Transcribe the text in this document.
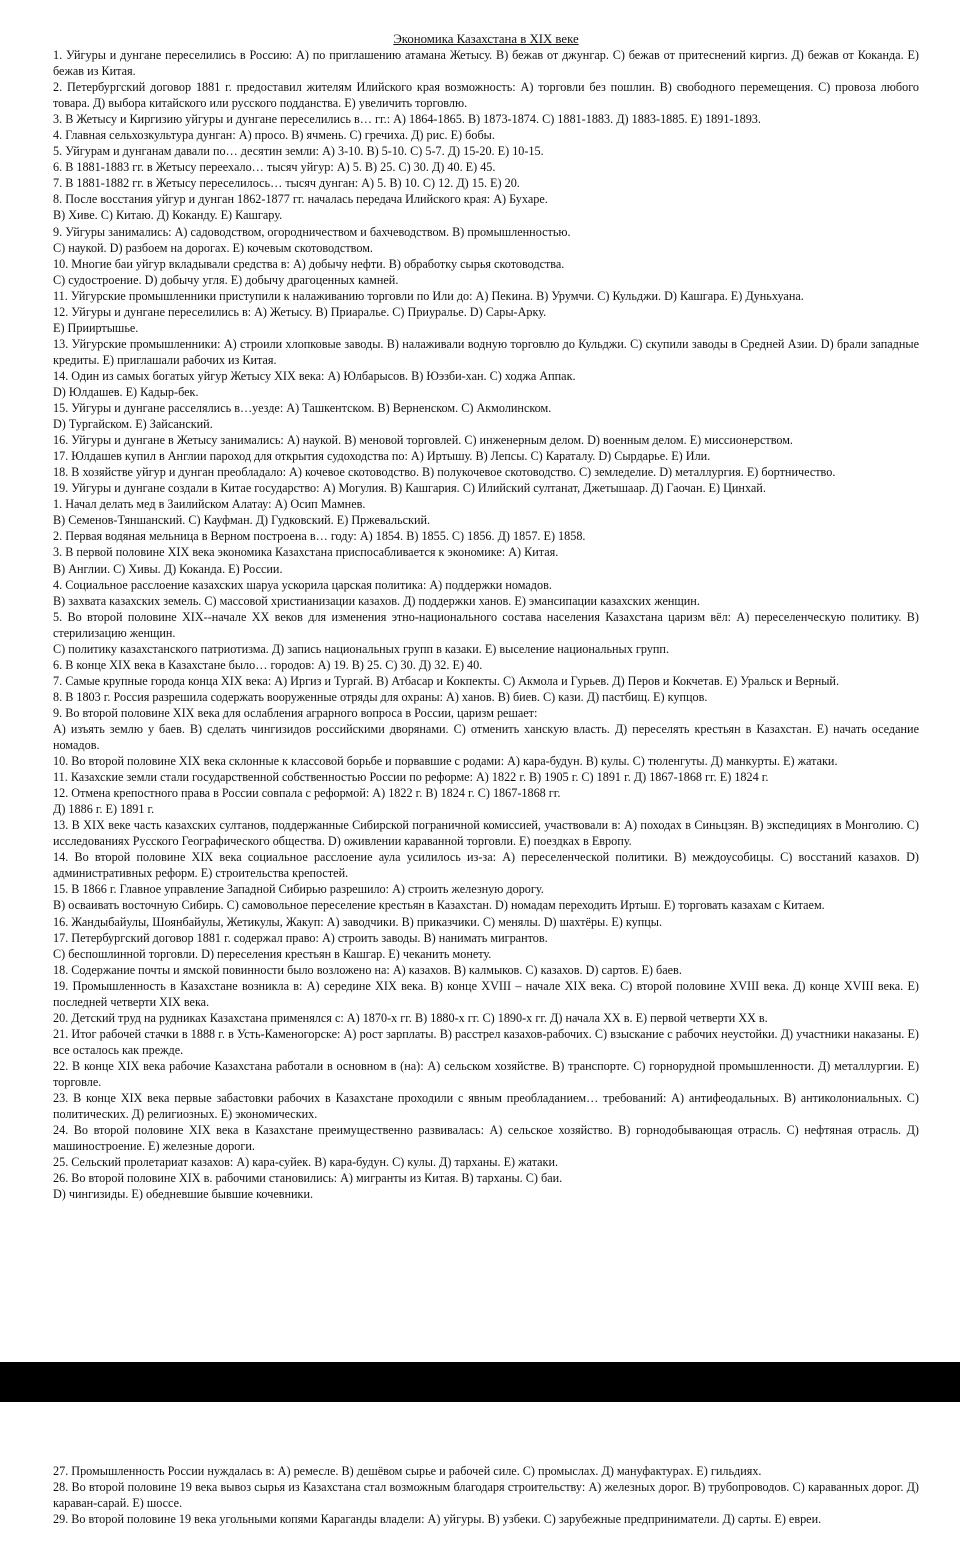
Экономика Казахстана в XIX веке

1. Уйгуры и дунгане переселились в Россию: А) по приглашению атамана Жетысу. В) бежав от джунгар. С) бежав от притеснений киргиз. Д) бежав от Коканда. Е) бежав из Китая.

2. Петербургский договор 1881 г. предоставил жителям Илийского края возможность: А) торговли без пошлин. В) свободного перемещения. С) провоза любого товара. Д) выбора китайского или русского подданства. Е) увеличить торговлю.

3. В Жетысу и Киргизию уйгуры и дунгане переселились в… гг.: А) 1864-1865. В) 1873-1874. С) 1881-1883. Д) 1883-1885. Е) 1891-1893.

4. Главная сельхозкультура дунган: А) просо. В) ячмень. С) гречиха. Д) рис. Е) бобы.

5. Уйгурам и дунганам давали по… десятин земли: А) 3-10. В) 5-10. С) 5-7. Д) 15-20. Е) 10-15.

6. В 1881-1883 гг. в Жетысу переехало… тысяч уйгур: А) 5. В) 25. С) 30. Д) 40. Е) 45.

7. В 1881-1882 гг. в Жетысу переселилось… тысяч дунган: А) 5. В) 10. С) 12. Д) 15. Е) 20.

8. После восстания уйгур и дунган 1862-1877 гг. началась передача Илийского края: А) Бухаре.

В) Хиве. С) Китаю. Д) Коканду. Е) Кашгару.

9. Уйгуры занимались: А) садоводством, огородничеством и бахчеводством. В) промышленностью.

C) наукой. D) разбоем на дорогах. E) кочевым скотоводством.

10. Многие баи уйгур вкладывали средства в: А) добычу нефти. В) обработку сырья скотоводства.

C) судостроение. D) добычу угля. E) добычу драгоценных камней.

11. Уйгурские промышленники приступили к налаживанию торговли по Или до: А) Пекина. В) Урумчи. С) Кульджи. D) Кашгара. E) Дуньхуана.

12. Уйгуры и дунгане переселились в: А) Жетысу. В) Приаралье. С) Приуралье. D) Сары-Арку.

E) Прииртышье.

13. Уйгурские промышленники: А) строили хлопковые заводы. В) налаживали водную торговлю до Кульджи. С) скупили заводы в Средней Азии. D) брали западные кредиты. E) приглашали рабочих из Китая.

14. Один из самых богатых уйгур Жетысу XIX века: А) Юлбарысов. В) Юэзби-хан. С) ходжа Аппак.

D) Юлдашев. E) Кадыр-бек.

15. Уйгуры и дунгане расселялись в…уезде: А) Ташкентском. В) Верненском. С) Акмолинском.

D) Тургайском. E) Зайсанский.

16. Уйгуры и дунгане в Жетысу занимались: А) наукой. В) меновой торговлей. С) инженерным делом. D) военным делом. E) миссионерством.

17. Юлдашев купил в Англии пароход для открытия судоходства по: А) Иртышу. В) Лепсы. С) Караталу. D) Сырдарье. E) Или.

18. В хозяйстве уйгур и дунган преобладало: А) кочевое скотоводство. В) полукочевое скотоводство. С) земледелие. D) металлургия. E) бортничество.

19. Уйгуры и дунгане создали в Китае государство: А) Могулия. В) Кашгария. С) Илийский султанат, Джетышаар. Д) Гаочан. Е) Цинхай.

1. Начал делать мед в Заилийском Алатау: А) Осип Мамнев.

В) Семенов-Тяншанский. С) Кауфман. Д) Гудковский. Е) Пржевальский.

2. Первая водяная мельница в Верном построена в… году: А) 1854. В) 1855. С) 1856. Д) 1857. Е) 1858.

3. В первой половине XIX века экономика Казахстана приспосабливается к экономике: А) Китая.

В) Англии. С) Хивы. Д) Коканда. Е) России.

4. Социальное расслоение казахских шаруа ускорила царская политика: А) поддержки номадов.

В) захвата казахских земель. С) массовой христианизации казахов. Д) поддержки ханов. Е) эмансипации казахских женщин.

5. Во второй половине XIX--начале XX веков для изменения этно-национального состава населения Казахстана царизм вёл: А) переселенческую политику. В) стерилизацию женщин.

С) политику казахстанского патриотизма. Д) запись национальных групп в казаки. Е) выселение национальных групп.

6. В конце XIX века в Казахстане было… городов: А) 19. В) 25. С) 30. Д) 32. Е) 40.

7. Самые крупные города конца XIX века: А) Иргиз и Тургай. В) Атбасар и Кокпекты. С) Акмола и Гурьев. Д) Перов и Кокчетав. Е) Уральск и Верный.

8. В 1803 г. Россия разрешила содержать вооруженные отряды для охраны: А) ханов. В) биев. С) кази. Д) пастбищ. Е) купцов.

9. Во второй половине XIX века для ослабления аграрного вопроса в России, царизм решает:

А) изъять землю у баев. В) сделать чингизидов российскими дворянами. С) отменить ханскую власть. Д) переселять крестьян в Казахстан. Е) начать оседание номадов.

10. Во второй половине XIX века склонные к классовой борьбе и порвавшие с родами: А) кара-будун. В) кулы. С) тюленгуты. Д) манкурты. Е) жатаки.

11. Казахские земли стали государственной собственностью России по реформе: А) 1822 г. В) 1905 г. С) 1891 г. Д) 1867-1868 гг. Е) 1824 г.

12. Отмена крепостного права в России совпала с реформой: А) 1822 г. В) 1824 г. С) 1867-1868 гг.

Д) 1886 г. Е) 1891 г.

13. В XIX веке часть казахских султанов, поддержанные Сибирской пограничной комиссией, участвовали в: А) походах в Синьцзян. В) экспедициях в Монголию. С) исследованиях Русского Географического общества. D) оживлении караванной торговли. Е) поездках в Европу.

14. Во второй половине XIX века социальное расслоение аула усилилось из-за: А) переселенческой политики. В) междоусобицы. С) восстаний казахов. D) административных реформ. Е) строительства крепостей.

15. В 1866 г. Главное управление Западной Сибирью разрешило: А) строить железную дорогу.

В) осваивать восточную Сибирь. С) самовольное переселение крестьян в Казахстан. D) номадам переходить Иртыш. Е) торговать казахам с Китаем.

16. Жандыбайулы, Шоянбайулы, Жетикулы, Жакуп: А) заводчики. В) приказчики. С) менялы. D) шахтёры. Е) купцы.

17. Петербургский договор 1881 г. содержал право: А) строить заводы. В) нанимать мигрантов.

С) беспошлинной торговли. D) переселения крестьян в Кашгар. Е) чеканить монету.

18. Содержание почты и ямской повинности было возложено на: А) казахов. В) калмыков. С) казахов. D) сартов. Е) баев.

19. Промышленность в Казахстане возникла в: А) середине XIX века. В) конце XVIII – начале XIX века. С) второй половине XVIII века. Д) конце XVIII века. Е) последней четверти XIX века.

20. Детский труд на рудниках Казахстана применялся с: А) 1870-х гг. В) 1880-х гг. С) 1890-х гг. Д) начала XX в. Е) первой четверти XX в.

21. Итог рабочей стачки в 1888 г. в Усть-Каменогорске: А) рост зарплаты. В) расстрел казахов-рабочих. С) взыскание с рабочих неустойки. Д) участники наказаны. Е) все осталось как прежде.

22. В конце XIX века рабочие Казахстана работали в основном в (на): А) сельском хозяйстве. В) транспорте. С) горнорудной промышленности. Д) металлургии. Е) торговле.

23. В конце XIX века первые забастовки рабочих в Казахстане проходили с явным преобладанием… требований: А) антифеодальных. В) антиколониальных. С) политических. Д) религиозных. Е) экономических.

24. Во второй половине XIX века в Казахстане преимущественно развивалась: А) сельское хозяйство. В) горнодобывающая отрасль. С) нефтяная отрасль. Д) машиностроение. Е) железные дороги.

25. Сельский пролетариат казахов: А) кара-суйек. В) кара-будун. С) кулы. Д) тарханы. Е) жатаки.

26. Во второй половине XIX в. рабочими становились: А) мигранты из Китая. В) тарханы. С) баи.

D) чингизиды. Е) обедневшие бывшие кочевники.

27. Промышленность России нуждалась в: А) ремесле. В) дешёвом сырье и рабочей силе. С) промыслах. Д) мануфактурах. Е) гильдиях.

28. Во второй половине 19 века вывоз сырья из Казахстана стал возможным благодаря строительству: А) железных дорог. В) трубопроводов. С) караванных дорог. Д) караван-сарай. Е) шоссе.

29. Во второй половине 19 века угольными копями Караганды владели: А) уйгуры. В) узбеки. С) зарубежные предприниматели. Д) сарты. Е) евреи.
